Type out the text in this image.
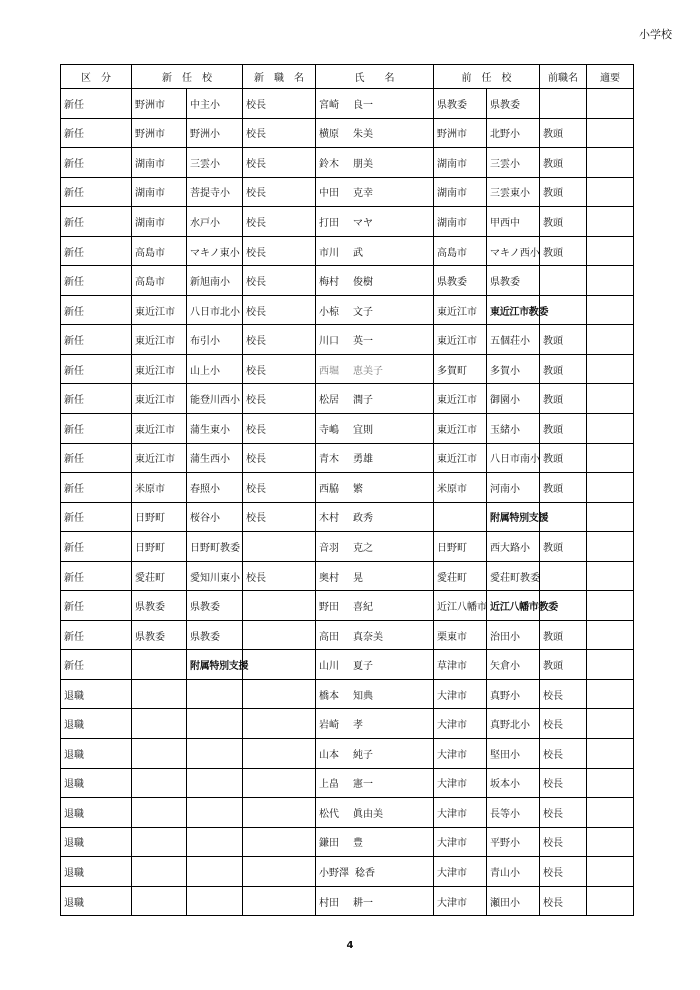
小学校
区　分	新　任　校		新　職　名	氏　　名	前　任　校		前職名	適要
新任	野洲市	中主小	校長	宮崎 良一	県教委	県教委		
新任	野洲市	野洲小	校長	横原 朱美	野洲市	北野小	教頭	
新任	湖南市	三雲小	校長	鈴木 朋美	湖南市	三雲小	教頭	
新任	湖南市	菩提寺小	校長	中田 克幸	湖南市	三雲東小	教頭	
新任	湖南市	水戸小	校長	打田 マヤ	湖南市	甲西中	教頭	
新任	高島市	マキノ東小	校長	市川 武	高島市	マキノ西小	教頭	
新任	高島市	新旭南小	校長	梅村 俊樹	県教委	県教委		
新任	東近江市	八日市北小	校長	小椋 文子	東近江市	東近江市教委		
新任	東近江市	布引小	校長	川口 英一	東近江市	五個荘小	教頭	
新任	東近江市	山上小	校長	西堀 恵美子	多賀町	多賀小	教頭	
新任	東近江市	能登川西小	校長	松居 潤子	東近江市	御園小	教頭	
新任	東近江市	蒲生東小	校長	寺嶋 宜則	東近江市	玉緒小	教頭	
新任	東近江市	蒲生西小	校長	青木 勇雄	東近江市	八日市南小	教頭	
新任	米原市	春照小	校長	西脇 繁	米原市	河南小	教頭	
新任	日野町	桜谷小	校長	木村 政秀		附属特別支援		
新任	日野町	日野町教委		音羽 克之	日野町	西大路小	教頭	
新任	愛荘町	愛知川東小	校長	奥村 晃	愛荘町	愛荘町教委		
新任	県教委	県教委		野田 喜紀	近江八幡市	近江八幡市教委		
新任	県教委	県教委		高田 真奈美	栗東市	治田小	教頭	
新任		附属特別支援		山川 夏子	草津市	矢倉小	教頭	
退職				橋本 知典	大津市	真野小	校長	
退職				岩崎 孝	大津市	真野北小	校長	
退職				山本 純子	大津市	堅田小	校長	
退職				上畠 憲一	大津市	坂本小	校長	
退職				松代 眞由美	大津市	長等小	校長	
退職				鎌田 豊	大津市	平野小	校長	
退職				小野澤 稔香	大津市	青山小	校長	
退職				村田 耕一	大津市	瀬田小	校長	
4
